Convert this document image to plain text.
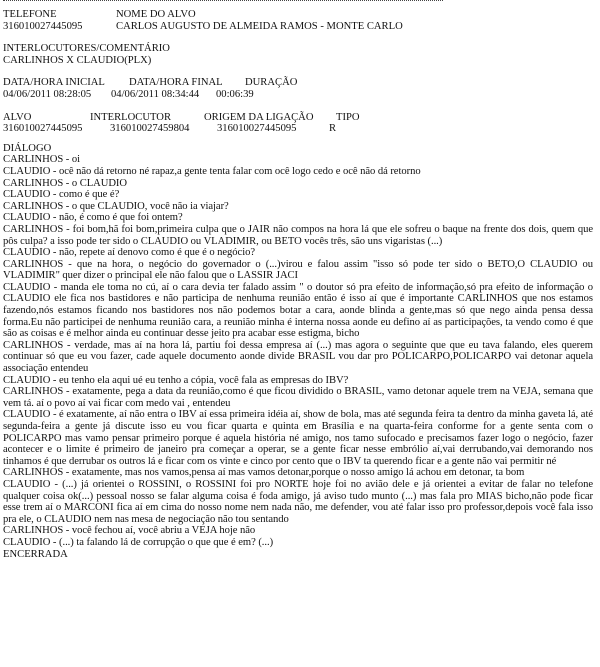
TELEFONE	NOME DO ALVO
316010027445095	CARLOS AUGUSTO DE ALMEIDA RAMOS - MONTE CARLO
INTERLOCUTORES/COMENTÁRIO
CARLINHOS X CLAUDIO(PLX)
DATA/HORA INICIAL DATA/HORA FINAL DURAÇÃO
04/06/2011 08:28:05 04/06/2011 08:34:44 00:06:39
ALVO	INTERLOCUTOR	ORIGEM DA LIGAÇÃO TIPO
316010027445095	316010027459804	316010027445095	R
DIÁLOGO

CARLINHOS - oi

CLAUDIO - ocê não dá retorno né rapaz,a gente tenta falar com ocê logo cedo e ocê não dá retorno

CARLINHOS - o CLAUDIO

CLAUDIO - como é que é?

CARLINHOS - o que CLAUDIO, você não ia viajar?

CLAUDIO - não, é como é que foi ontem?

CARLINHOS - foi bom,hã foi bom,primeira culpa que o JAIR não compos na hora lá que ele sofreu o baque na frente dos dois, quem que pôs culpa? a isso pode ter sido o CLAUDIO ou VLADIMIR, ou BETO vocês três, são uns vigaristas (...)

CLAUDIO - não, repete aí denovo como é que é o negócio?

CARLINHOS - que na hora, o negócio do governador o (...)virou e falou assim "isso só pode ter sido o BETO,O CLAUDIO ou VLADIMIR" quer dizer o principal ele não falou que o LASSIR JACI

CLAUDIO - manda ele toma no cú, aí o cara devia ter falado assim " o doutor só pra efeito de informação,só pra efeito de informação o CLAUDIO ele fica nos bastidores e não participa de nenhuma reunião então é isso aí que é importante CARLINHOS que nos estamos fazendo,nós estamos ficando nos bastidores nos não podemos botar a cara, aonde blinda a gente,mas só que nego ainda pensa dessa forma.Eu não participei de nenhuma reunião cara, a reunião minha é interna nossa aonde eu defino aí as participações, ta vendo como é que são as coisas e é melhor ainda eu continuar desse jeito pra acabar esse estigma, bicho

CARLINHOS - verdade, mas aí na hora lá, partiu foi dessa empresa aí (...) mas agora o seguinte que que eu tava falando, eles querem continuar só que eu vou fazer, cade aquele documento aonde divide BRASIL vou dar pro POLICARPO,POLICARPO vai detonar aquela associação entendeu

CLAUDIO - eu tenho ela aqui ué eu tenho a cópia, você fala as empresas do IBV?

CARLINHOS - exatamente, pega a data da reunião,como é que ficou dividido o BRASIL, vamo detonar aquele trem na VEJA, semana que vem tá. aí o povo aí vai ficar com medo vai , entendeu

CLAUDIO - é exatamente, aí não entra o IBV aí essa primeira idéia aí, show de bola, mas até segunda feira ta dentro da minha gaveta lá, até segunda-feira a gente já discute isso eu vou ficar quarta e quinta em Brasília e na quarta-feira conforme for a gente senta com o POLICARPO mas vamo pensar primeiro porque é aquela história né amigo, nos tamo sufocado e precisamos fazer logo o negócio, fazer acontecer e o limite é primeiro de janeiro pra começar a operar, se a gente ficar nesse embrólio aí,vai derrubando,vai demorando nos tinhamos é que derrubar os outros lá e ficar com os vinte e cinco por cento que o IBV ta querendo ficar e a gente não vai permitir né

CARLINHOS - exatamente, mas nos vamos,pensa aí mas vamos detonar,porque o nosso amigo lá achou em detonar, ta bom

CLAUDIO - (...) já orientei o ROSSINI, o ROSSINI foi pro NORTE hoje foi no avião dele e já orientei a evitar de falar no telefone qualquer coisa ok(...) pessoal nosso se falar alguma coisa é foda amigo, já aviso tudo munto (...) mas fala pro MIAS bicho,não pode ficar esse trem aí o MARCONI fica aí em cima do nosso nome nem nada não, me defender, vou até falar isso pro professor,depois você fala isso pra ele, o CLAUDIO nem nas mesa de negociação não tou sentando

CARLINHOS - você fechou aí, você abriu a VEJA hoje não

CLAUDIO - (...) ta falando lá de corrupção o que que é em? (...)

ENCERRADA
